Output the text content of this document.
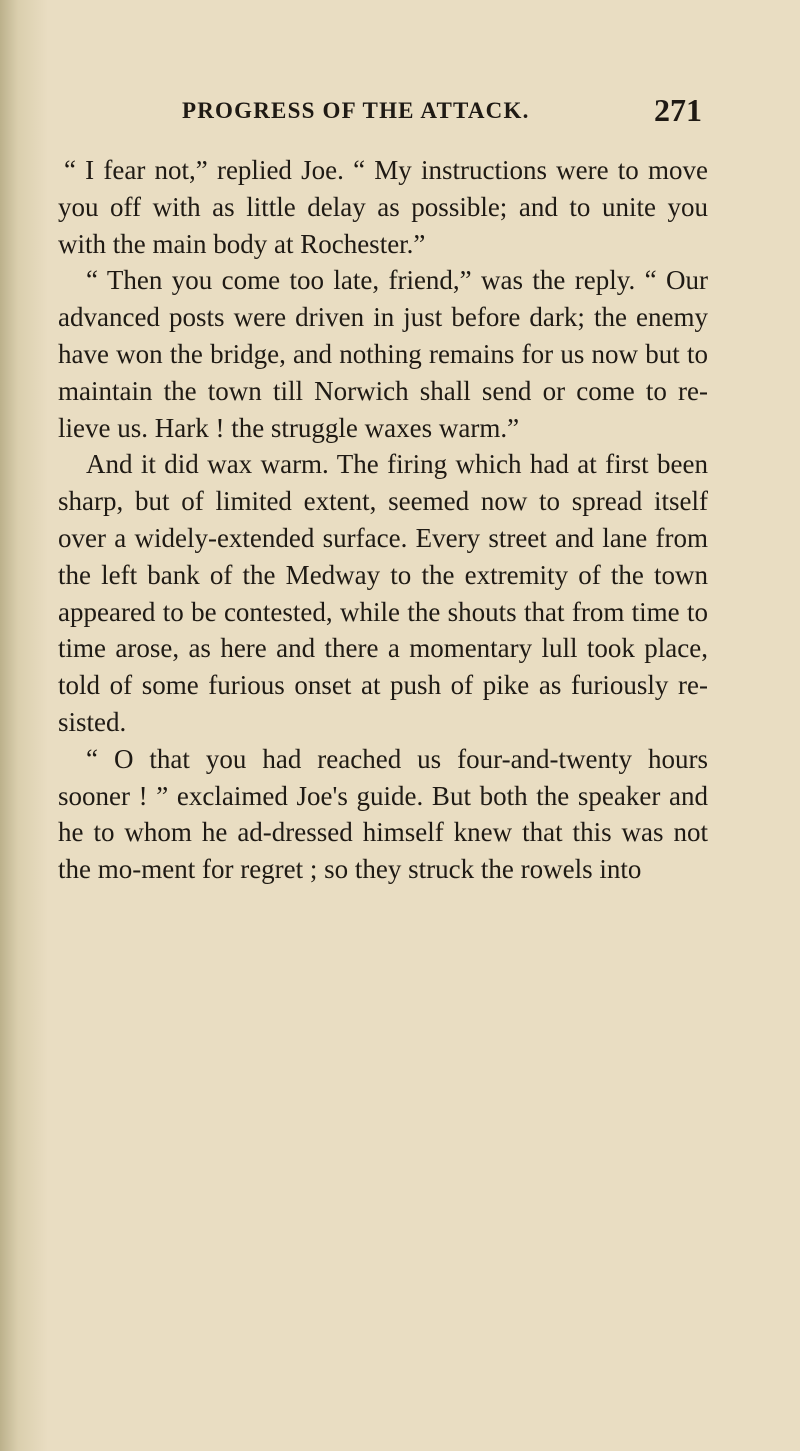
PROGRESS OF THE ATTACK.	271

“ I fear not,” replied Joe. “ My instructions were to move you off with as little delay as possible; and to unite you with the main body at Rochester.”

“ Then you come too late, friend,” was the reply. “ Our advanced posts were driven in just before dark; the enemy have won the bridge, and nothing remains for us now but to maintain the town till Norwich shall send or come to re-lieve us. Hark ! the struggle waxes warm.”

And it did wax warm. The firing which had at first been sharp, but of limited extent, seemed now to spread itself over a widely-extended surface. Every street and lane from the left bank of the Medway to the extremity of the town appeared to be contested, while the shouts that from time to time arose, as here and there a momentary lull took place, told of some furious onset at push of pike as furiously re-sisted.

“ O that you had reached us four-and-twenty hours sooner ! ” exclaimed Joe's guide. But both the speaker and he to whom he ad-dressed himself knew that this was not the mo-ment for regret ; so they struck the rowels into
